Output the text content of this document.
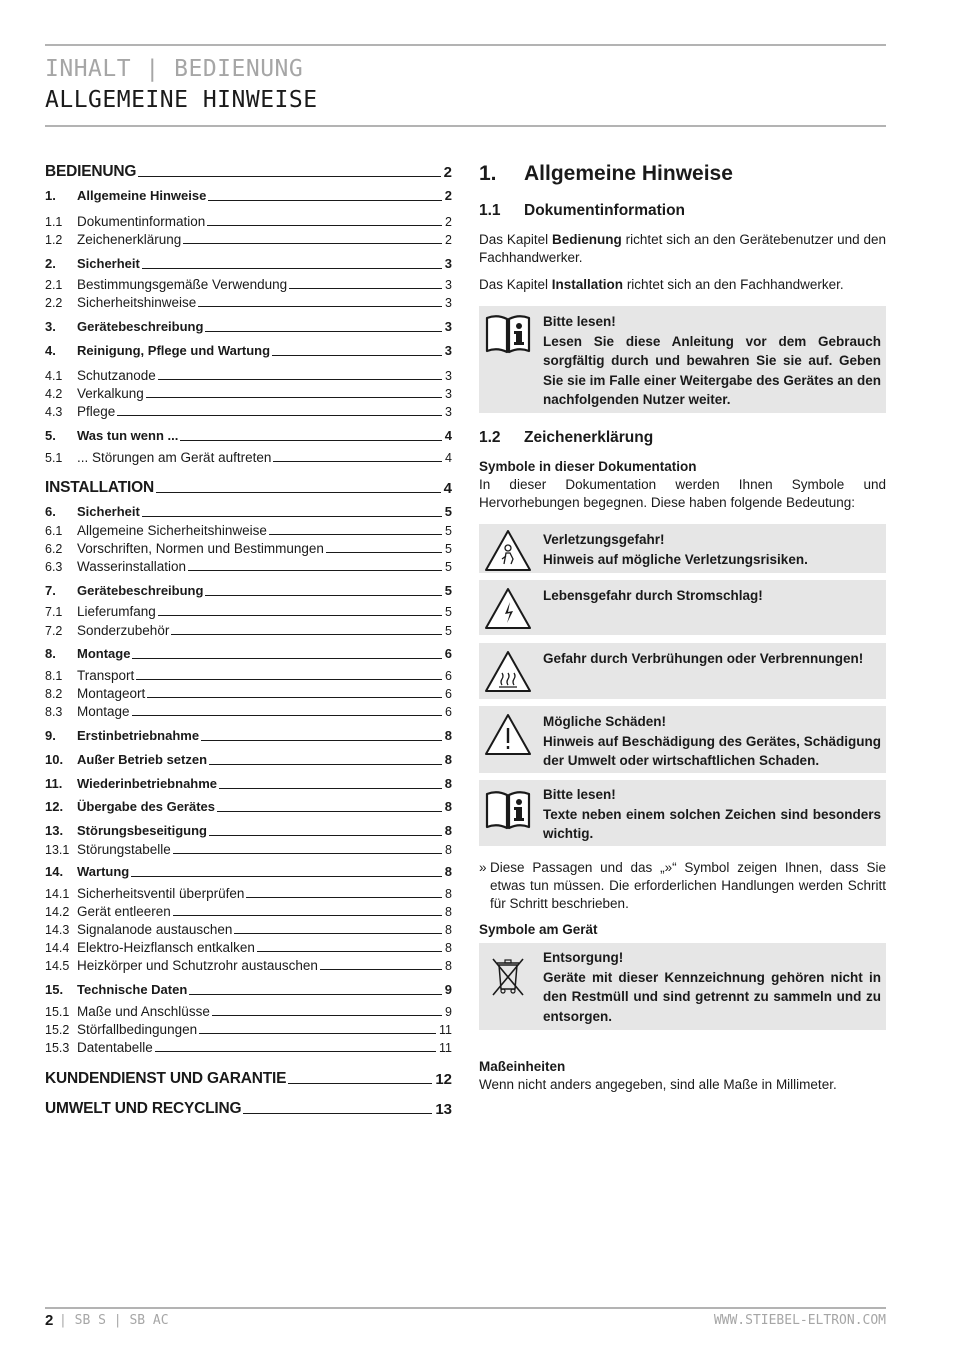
INHALT | BEDIENUNG
ALLGEMEINE HINWEISE
BEDIENUNG	2
1.	Allgemeine Hinweise	2
1.1	Dokumentinformation	2
1.2	Zeichenerklärung	2
2.	Sicherheit	3
2.1	Bestimmungsgemäße Verwendung	3
2.2	Sicherheitshinweise	3
3.	Gerätebeschreibung	3
4.	Reinigung, Pflege und Wartung	3
4.1	Schutzanode	3
4.2	Verkalkung	3
4.3	Pflege	3
5.	Was tun wenn ...	4
5.1	... Störungen am Gerät auftreten	4
INSTALLATION	4
6.	Sicherheit	5
6.1	Allgemeine Sicherheitshinweise	5
6.2	Vorschriften, Normen und Bestimmungen	5
6.3	Wasserinstallation	5
7.	Gerätebeschreibung	5
7.1	Lieferumfang	5
7.2	Sonderzubehör	5
8.	Montage	6
8.1	Transport	6
8.2	Montageort	6
8.3	Montage	6
9.	Erstinbetriebnahme	8
10.	Außer Betrieb setzen	8
11.	Wiederinbetriebnahme	8
12.	Übergabe des Gerätes	8
13.	Störungsbeseitigung	8
13.1 Störungstabelle	8
14.	Wartung	8
14.1 Sicherheitsventil überprüfen	8
14.2 Gerät entleeren	8
14.3 Signalanode austauschen	8
14.4 Elektro-Heizflansch entkalken	8
14.5 Heizkörper und Schutzrohr austauschen	8
15.	Technische Daten	9
15.1 Maße und Anschlüsse	9
15.2 Störfallbedingungen	11
15.3 Datentabelle	11
KUNDENDIENST UND GARANTIE	12
UMWELT UND RECYCLING	13
1. Allgemeine Hinweise
1.1 Dokumentinformation
Das Kapitel Bedienung richtet sich an den Gerätebenutzer und den Fachhandwerker.
Das Kapitel Installation richtet sich an den Fachhandwerker.
Bitte lesen!
Lesen Sie diese Anleitung vor dem Gebrauch sorgfältig durch und bewahren Sie sie auf. Geben Sie sie im Falle einer Weitergabe des Gerätes an den nachfolgenden Nutzer weiter.
1.2 Zeichenerklärung
Symbole in dieser Dokumentation
In dieser Dokumentation werden Ihnen Symbole und Hervorhebungen begegnen. Diese haben folgende Bedeutung:
Verletzungsgefahr!
Hinweis auf mögliche Verletzungsrisiken.
Lebensgefahr durch Stromschlag!
Gefahr durch Verbrühungen oder Verbrennungen!
Mögliche Schäden!
Hinweis auf Beschädigung des Gerätes, Schädigung der Umwelt oder wirtschaftlichen Schaden.
Bitte lesen!
Texte neben einem solchen Zeichen sind besonders wichtig.
» Diese Passagen und das „»“ Symbol zeigen Ihnen, dass Sie etwas tun müssen. Die erforderlichen Handlungen werden Schritt für Schritt beschrieben.
Symbole am Gerät
Entsorgung!
Geräte mit dieser Kennzeichnung gehören nicht in den Restmüll und sind getrennt zu sammeln und zu entsorgen.
Maßeinheiten
Wenn nicht anders angegeben, sind alle Maße in Millimeter.
2 | SB S | SB AC	WWW.STIEBEL-ELTRON.COM
